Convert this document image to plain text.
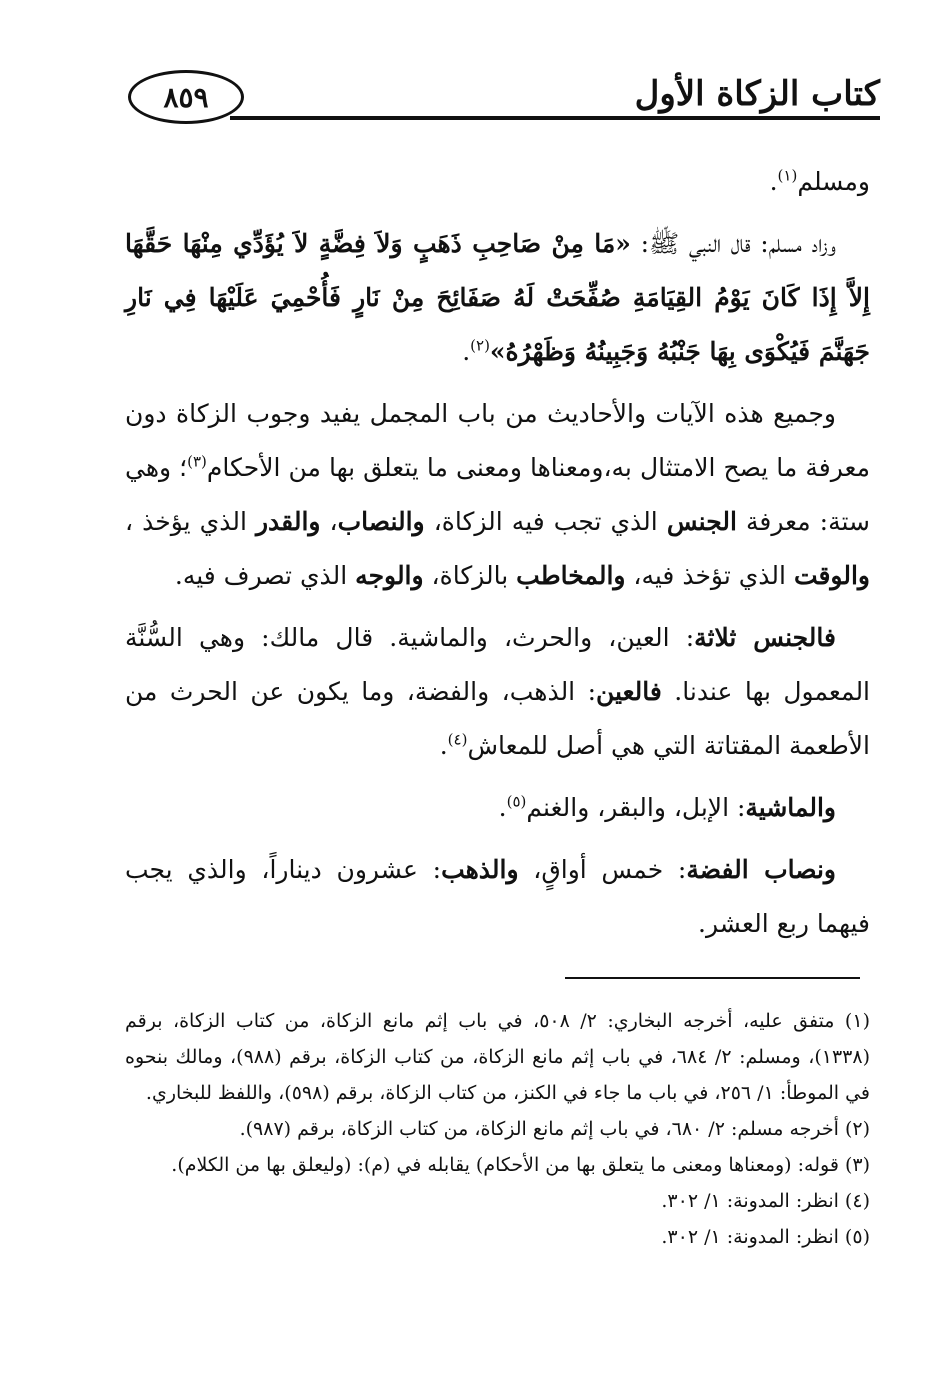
٨٥٩	كتاب الزكاة الأول

ومسلم$^{(١)}$.

وزاد مسلم: قال النبي ﷺ: «مَا مِنْ صَاحِبِ ذَهَبٍ وَلاَ فِضَّةٍ لاَ يُؤَدِّي مِنْهَا حَقَّهَا إِلاَّ إِذَا كَانَ يَوْمُ القِيَامَةِ صُفِّحَتْ لَهُ صَفَائِحَ مِنْ نَارٍ فَأُحْمِيَ عَلَيْهَا فِي نَارِ جَهَنَّمَ فَيُكْوَى بِهَا جَنْبُهُ وَجَبِينُهُ وَظَهْرُهُ»$^{(٢)}$.

وجميع هذه الآيات والأحاديث من باب المجمل يفيد وجوب الزكاة دون معرفة ما يصح الامتثال به،ومعناها ومعنى ما يتعلق بها من الأحكام$^{(٣)}$؛ وهي ستة: معرفة الجنس الذي تجب فيه الزكاة، والنصاب، والقدر الذي يؤخذ ، والوقت الذي تؤخذ فيه، والمخاطب بالزكاة، والوجه الذي تصرف فيه.

فالجنس ثلاثة: العين، والحرث، والماشية. قال مالك: وهي السُّنَّة المعمول بها عندنا. فالعين: الذهب، والفضة، وما يكون عن الحرث من الأطعمة المقتاتة التي هي أصل للمعاش$^{(٤)}$.

والماشية: الإبل، والبقر، والغنم$^{(٥)}$.

ونصاب الفضة: خمس أواقٍ، والذهب: عشرون ديناراً، والذي يجب فيهما ربع العشر.

(١) متفق عليه، أخرجه البخاري: ٢/ ٥٠٨، في باب إثم مانع الزكاة، من كتاب الزكاة، برقم (١٣٣٨)، ومسلم: ٢/ ٦٨٤، في باب إثم مانع الزكاة، من كتاب الزكاة، برقم (٩٨٨)، ومالك بنحوه في الموطأ: ١/ ٢٥٦، في باب ما جاء في الكنز، من كتاب الزكاة، برقم (٥٩٨)، واللفظ للبخاري.

(٢) أخرجه مسلم: ٢/ ٦٨٠، في باب إثم مانع الزكاة، من كتاب الزكاة، برقم (٩٨٧).

(٣) قوله: (ومعناها ومعنى ما يتعلق بها من الأحكام) يقابله في (م): (وليعلق بها من الكلام).

(٤) انظر: المدونة: ١/ ٣٠٢.

(٥) انظر: المدونة: ١/ ٣٠٢.
